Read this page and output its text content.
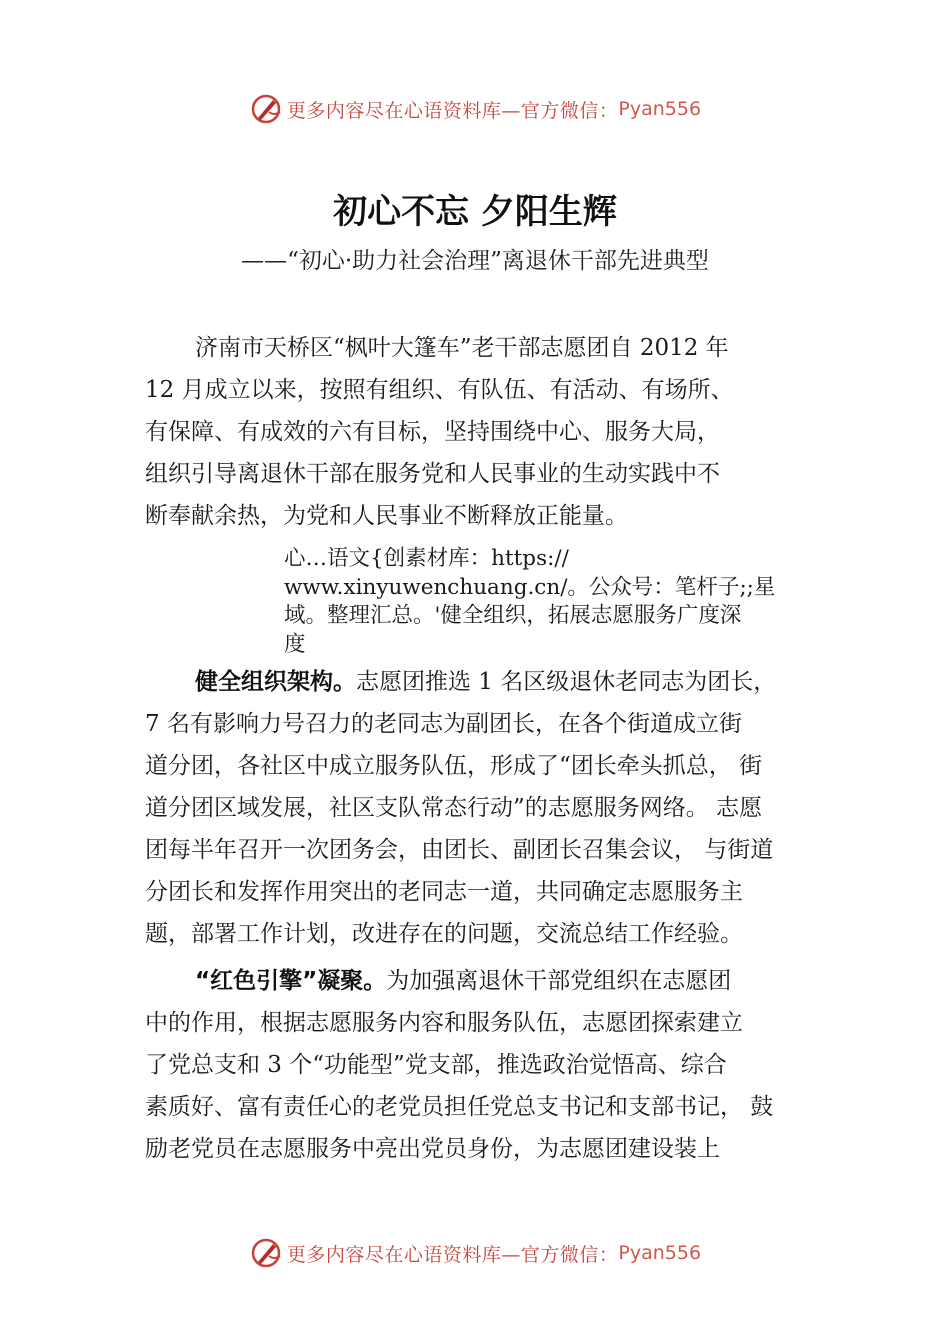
更多内容尽在心语资料库—官方微信： Pyan556
初心不忘 夕阳生辉
——“初心·助力社会治理”离退休干部先进典型
济南市天桥区“枫叶大篷车”老干部志愿团自 2012 年
12 月成立以来，按照有组织、有队伍、有活动、有场所、
有保障、有成效的六有目标，坚持围绕中心、服务大局，
组织引导离退休干部在服务党和人民事业的生动实践中不
断奉献余热，为党和人民事业不断释放正能量。
心…语文{创素材库：https://
www.xinyuwenchuang.cn/。公众号：笔杆子;;星
域。整理汇总。'健全组织，拓展志愿服务广度深
度
健全组织架构。志愿团推选 1 名区级退休老同志为团长，
7 名有影响力号召力的老同志为副团长，在各个街道成立街
道分团，各社区中成立服务队伍，形成了“团长牵头抓总， 街
道分团区域发展，社区支队常态行动”的志愿服务网络。 志愿
团每半年召开一次团务会，由团长、副团长召集会议， 与街道
分团长和发挥作用突出的老同志一道，共同确定志愿服务主
题，部署工作计划，改进存在的问题，交流总结工作经验。
“红色引擎”凝聚。为加强离退休干部党组织在志愿团
中的作用，根据志愿服务内容和服务队伍，志愿团探索建立
了党总支和 3 个“功能型”党支部，推选政治觉悟高、综合
素质好、富有责任心的老党员担任党总支书记和支部书记， 鼓
励老党员在志愿服务中亮出党员身份，为志愿团建设装上
更多内容尽在心语资料库—官方微信： Pyan556
